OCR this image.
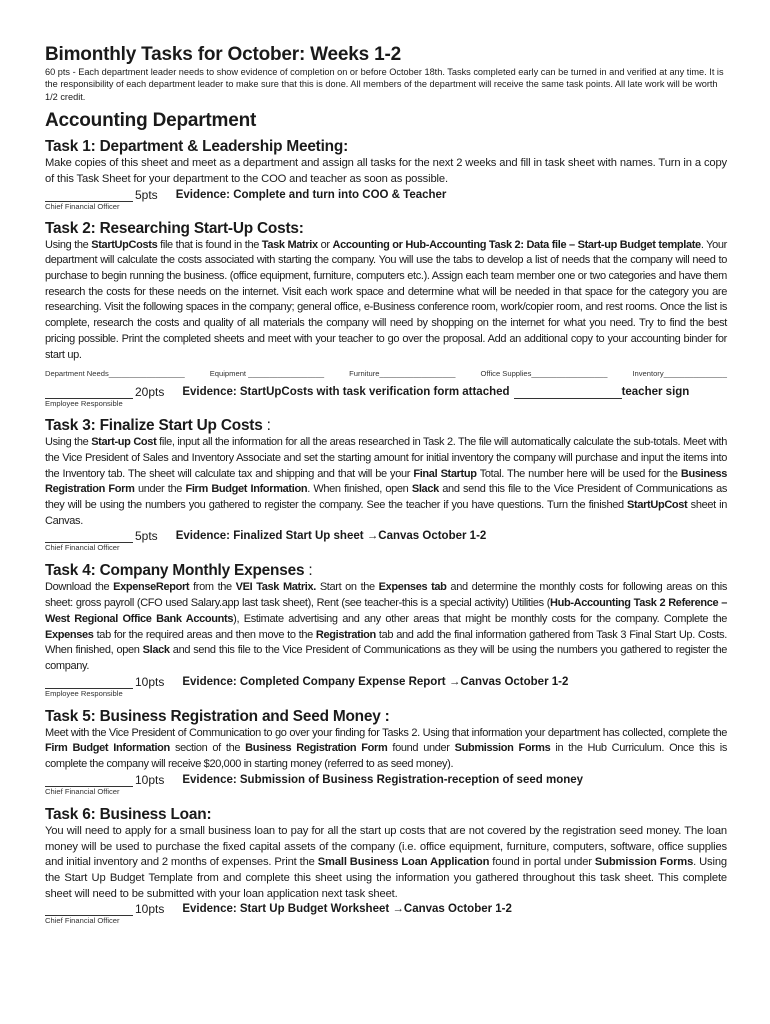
Bimonthly Tasks for October: Weeks 1-2

60 pts - Each department leader needs to show evidence of completion on or before October 18th. Tasks completed early can be turned in and verified at any time. It is the responsibility of each department leader to make sure that this is done. All members of the department will receive the same task points. All late work will be worth 1/2 credit.

Accounting Department
Task 1: Department & Leadership Meeting:

Make copies of this sheet and meet as a department and assign all tasks for the next 2 weeks and fill in task sheet with names. Turn in a copy of this Task Sheet for your department to the COO and teacher as soon as possible.

5pts Evidence: Complete and turn into COO & Teacher

Chief Financial Officer

Task 2: Researching Start-Up Costs:

Using the StartUpCosts file that is found in the Task Matrix or Accounting or Hub-Accounting Task 2: Data file – Start-up Budget template. Your department will calculate the costs associated with starting the company. You will use the tabs to develop a list of needs that the company will need to purchase to begin running the business. (office equipment, furniture, computers etc.). Assign each team member one or two categories and have them research the costs for these needs on the internet. Visit each work space and determine what will be needed in that space for the category you are researching. Visit the following spaces in the company; general office, e-Business conference room, work/copier room, and rest rooms. Once the list is complete, research the costs and quality of all materials the company will need by shopping on the internet for what you need. Try to find the best pricing possible. Print the completed sheets and meet with your teacher to go over the proposal. Add an additional copy to your accounting binder for start up.

Department Needs__________________	Equipment __________________	Furniture__________________	Office Supplies__________________	Inventory_______________
20pts Evidence: StartUpCosts with task verification form attached	teacher sign

Employee Responsible

Task 3: Finalize Start Up Costs :

Using the Start-up Cost file, input all the information for all the areas researched in Task 2. The file will automatically calculate the sub-totals. Meet with the Vice President of Sales and Inventory Associate and set the starting amount for initial inventory the company will purchase and input the items into the Inventory tab. The sheet will calculate tax and shipping and that will be your Final Startup Total. The number here will be used for the Business Registration Form under the Firm Budget Information. When finished, open Slack and send this file to the Vice President of Communications as they will be using the numbers you gathered to register the company. See the teacher if you have questions. Turn the finished StartUpCost sheet in Canvas.

5pts Evidence: Finalized Start Up sheet →Canvas October 1-2

Chief Financial Officer

Task 4: Company Monthly Expenses :

Download the ExpenseReport from the VEI Task Matrix. Start on the Expenses tab and determine the monthly costs for following areas on this sheet: gross payroll (CFO used Salary.app last task sheet), Rent (see teacher-this is a special activity) Utilities (Hub-Accounting Task 2 Reference – West Regional Office Bank Accounts), Estimate advertising and any other areas that might be monthly costs for the company. Complete the Expenses tab for the required areas and then move to the Registration tab and add the final information gathered from Task 3 Final Start Up. Costs. When finished, open Slack and send this file to the Vice President of Communications as they will be using the numbers you gathered to register the company.

10pts Evidence: Completed Company Expense Report →Canvas October 1-2

Employee Responsible

Task 5: Business Registration and Seed Money :

Meet with the Vice President of Communication to go over your finding for Tasks 2. Using that information your department has collected, complete the Firm Budget Information section of the Business Registration Form found under Submission Forms in the Hub Curriculum. Once this is complete the company will receive $20,000 in starting money (referred to as seed money).

10pts Evidence: Submission of Business Registration-reception of seed money

Chief Financial Officer

Task 6: Business Loan:

You will need to apply for a small business loan to pay for all the start up costs that are not covered by the registration seed money. The loan money will be used to purchase the fixed capital assets of the company (i.e. office equipment, furniture, computers, software, office supplies and initial inventory and 2 months of expenses. Print the Small Business Loan Application found in portal under Submission Forms. Using the Start Up Budget Template from and complete this sheet using the information you gathered throughout this task sheet. This complete sheet will need to be submitted with your loan application next task sheet.

10pts Evidence: Start Up Budget Worksheet →Canvas October 1-2

Chief Financial Officer
